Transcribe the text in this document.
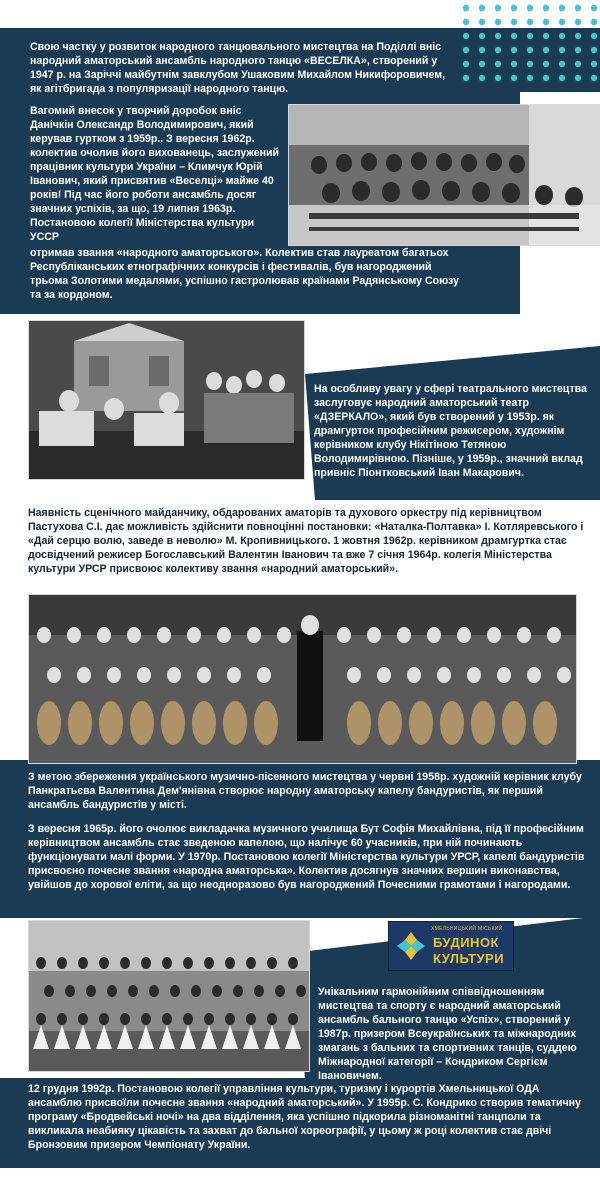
Свою частку у розвиток народного танцювального мистецтва на Поділлі вніс народний аматорський ансамбль народного танцю «ВЕСЕЛКА», створений у 1947 р. на Заріччі майбутнім завклубом Ушаковим Михайлом Никифоровичем, як агітбригада з популяризації народного танцю.

Вагомий внесок у творчий доробок вніс Данічкін Олександр Володимирович, який керував гуртком з 1959р.. З вересня 1962р. колектив очолив його вихованець, заслужений працівник культури України – Климчук Юрій Іванович, який присвятив «Веселці» майже 40 років! Під час його роботи ансамбль досяг значних успіхів, за що, 19 липня 1963р. Постановою колегії Міністерства культури УССР

отримав звання «народного аматорського». Колектив став лауреатом багатьох Республіканських етнографічних конкурсів і фестивалів, був нагороджений трьома Золотими медалями, успішно гастролював країнами Радянському Союзу та за кордоном.

На особливу увагу у сфері театрального мистецтва заслуговує народний аматорський театр «ДЗЕРКАЛО», який був створений у 1953р. як драмгурток професійним режисером, художнім керівником клубу Нікітіною Тетяною Володимирівною. Пізніше, у 1959р., значний вклад привніс Піонтковський Іван Макарович.

Наявність сценічного майданчику, обдарованих аматорів та духового оркестру під керівництвом Пастухова С.І. дає можливість здійснити повноцінні постановки: «Наталка-Полтавка» І. Котляревського і «Дай серцю волю, заведе в неволю» М. Кропивницького. 1 жовтня 1962р. керівником драмгуртка стає досвідчений режисер Богославський Валентин Іванович та вже 7 січня 1964р. колегія Міністерства культури УРСР присвоює колективу звання «народний аматорський».

З метою збереження українського музично-пісенного мистецтва у червні 1958р. художній керівник клубу Панкратьєва Валентина Дем'янівна створює народну аматорську капелу бандуристів, як перший ансамбль бандуристів у місті.

З вересня 1965р. його очолює викладачка музичного училища Бут Софія Михайлівна, під її професійним керівництвом ансамбль стає зведеною капелою, що налічує 60 учасників, при ній починають функціонувати малі форми. У 1970р. Постановою колегії Міністерства культури УРСР, капелі бандуристів присвоєно почесне звання «народна аматорська». Колектив досягнув значних вершин виконавства, увійшов до хорової еліти, за що неодноразово був нагороджений Почесними грамотами і нагородами.

ХМЕЛЬНИЦЬКИЙ МІСЬКИЙ
БУДИНОК
КУЛЬТУРИ

Унікальним гармонійним співвідношенням мистецтва та спорту є народний аматорський ансамбль бального танцю «Успіх», створений у 1987р. призером Всеукраїнських та міжнародних змагань з бальних та спортивних танців, суддею Міжнародної категорії – Кондриком Сергієм Івановичем.

12 грудня 1992р. Постановою колегії управління культури, туризму і курортів Хмельницької ОДА ансамблю присвоїли почесне звання «народний аматорський». У 1995р. С. Кондрико створив тематичну програму «Бродвейські ночі» на два відділення, яка успішно підкорила різноманітні танцполи та викликала неабияку цікавість та захват до бальної хореографії, у цьому ж році колектив стає двічі Бронзовим призером Чемпіонату України.
